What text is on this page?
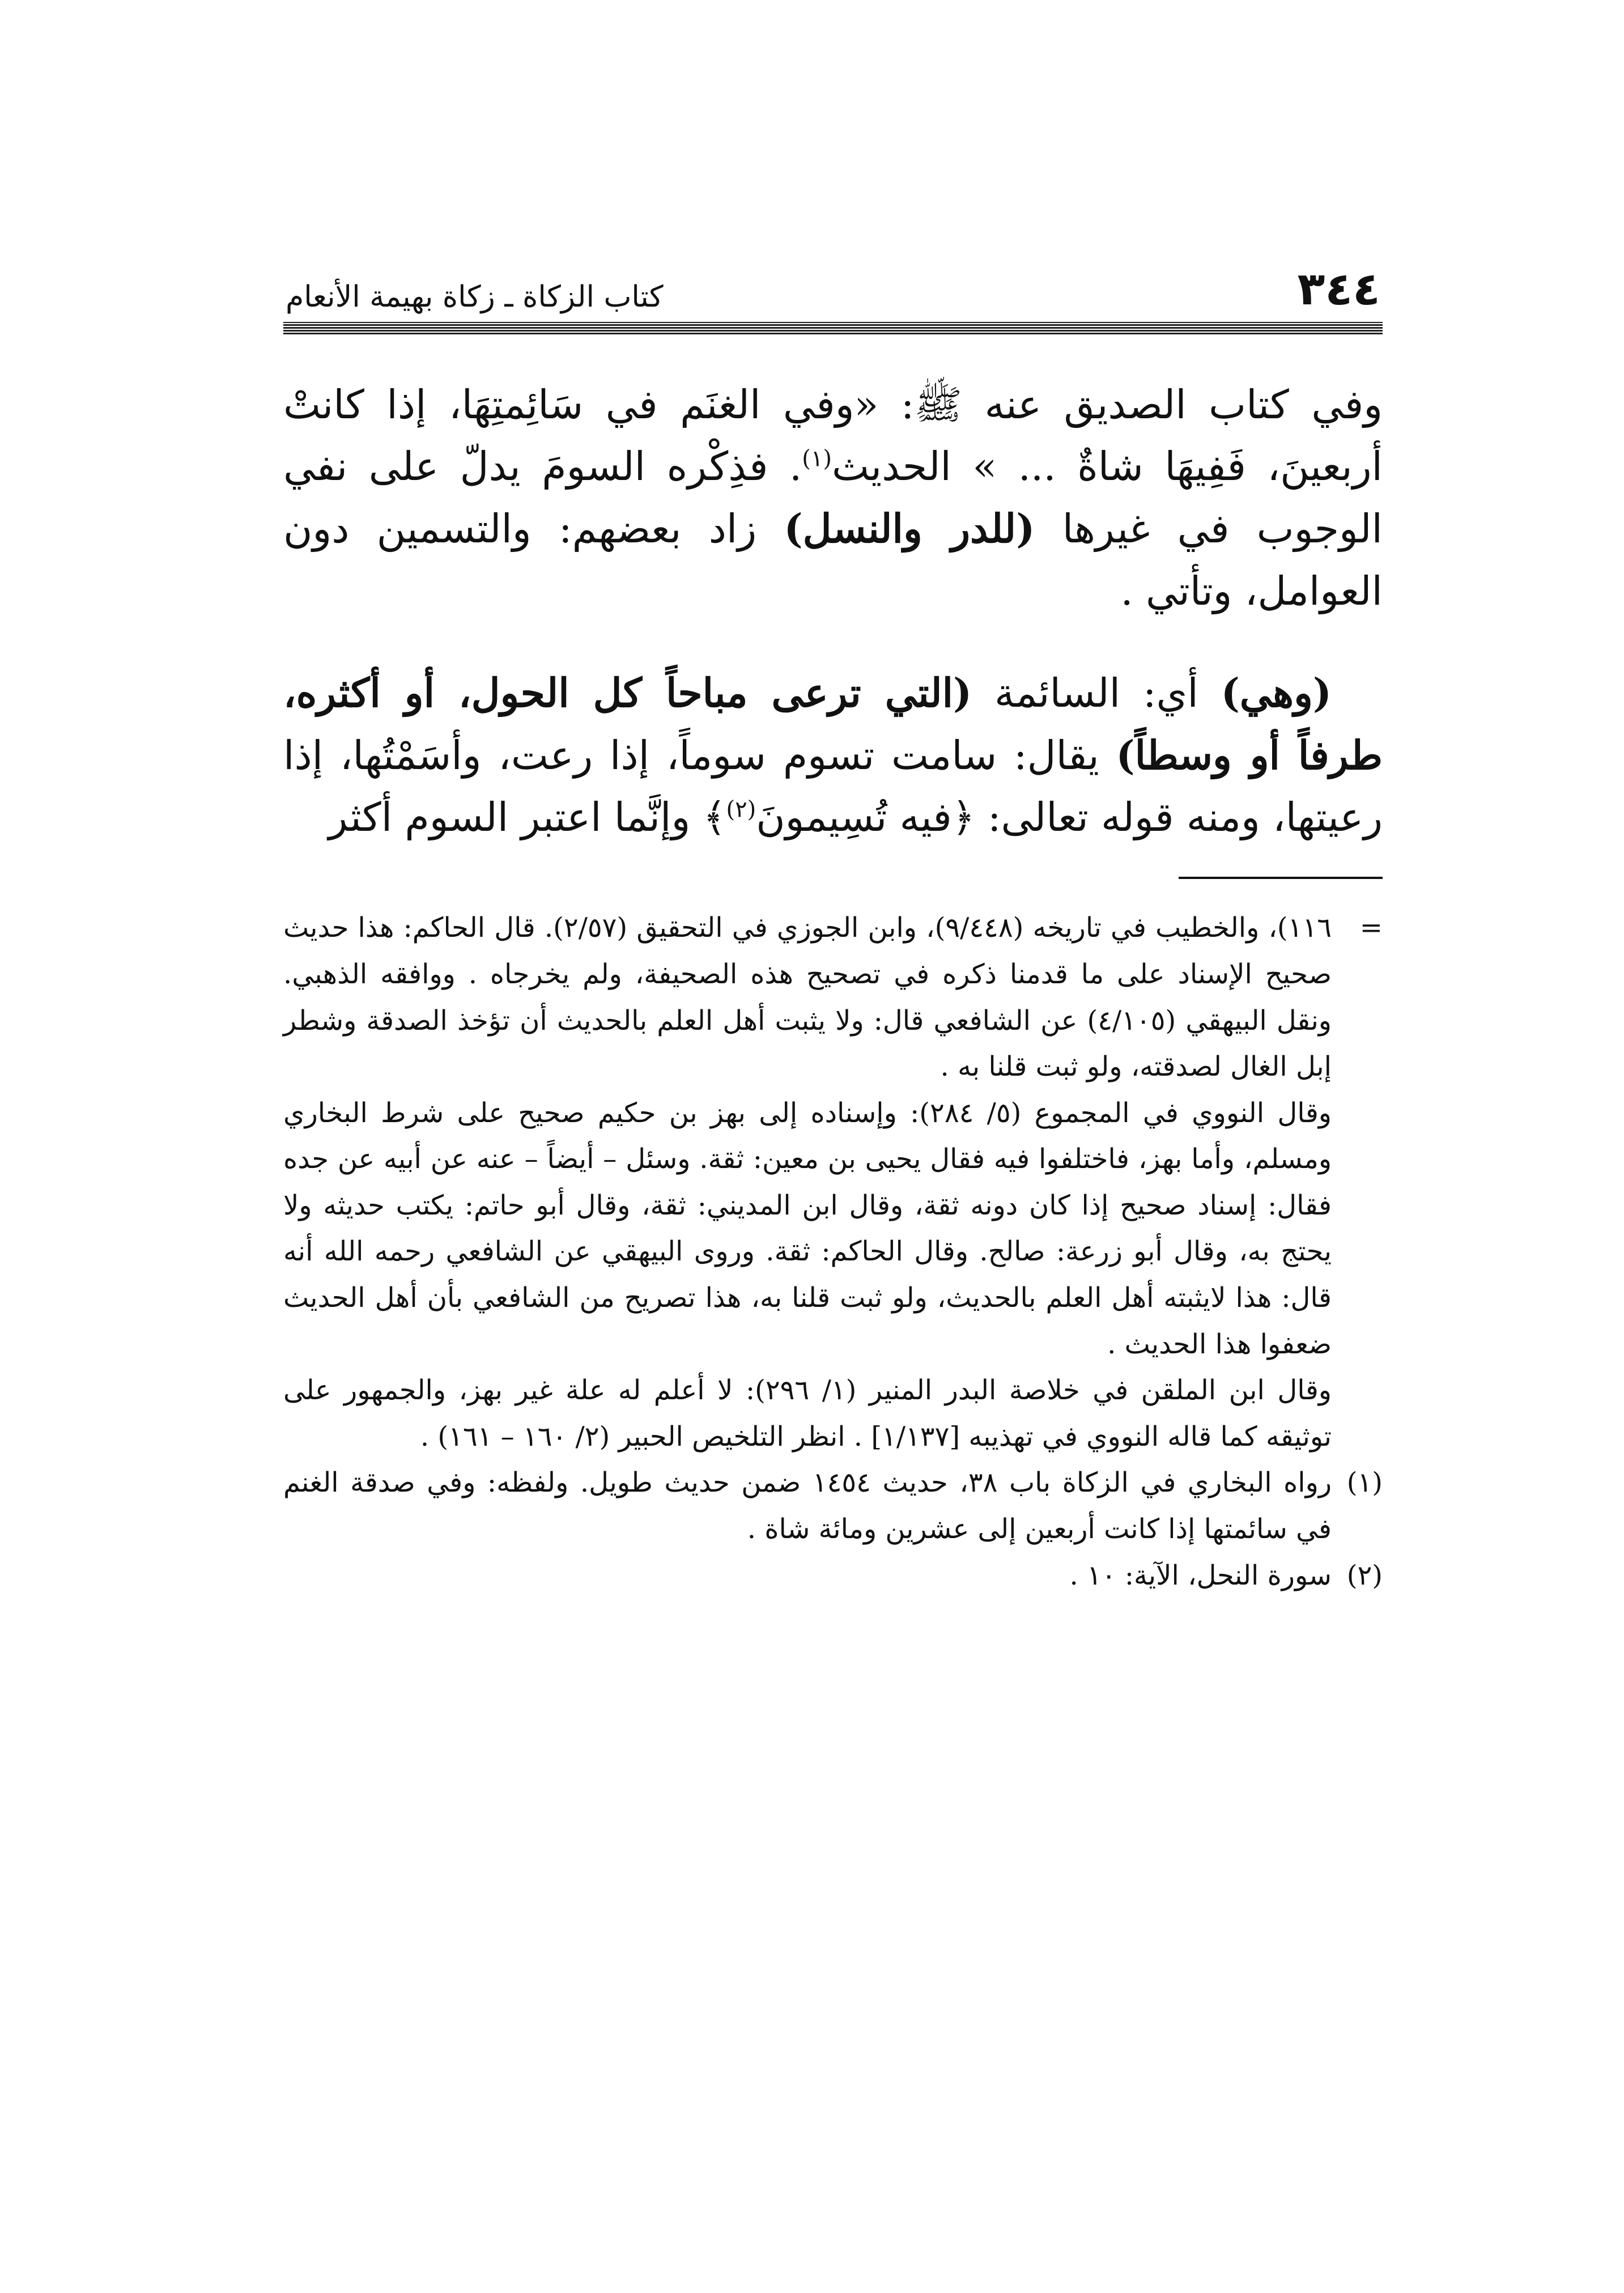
٣٤٤
كتاب الزكاة ـ زكاة بهيمة الأنعام

وفي كتاب الصديق عنه ﷺ: «وفي الغنَم في سَائِمتِهَا، إذا كانتْ أربعينَ، فَفِيهَا شاةٌ ... » الحديث$^{(١)}$. فذِكْره السومَ يدلّ على نفي الوجوب في غيرها (للدر والنسل) زاد بعضهم: والتسمين دون العوامل، وتأتي .

(وهي) أي: السائمة (التي ترعى مباحاً كل الحول، أو أكثره، طرفاً أو وسطاً) يقال: سامت تسوم سوماً، إذا رعت، وأسَمْتُها، إذا رعيتها، ومنه قوله تعالى: ﴿فيه تُسِيمونَ$^{(٢)}$﴾ وإنَّما اعتبر السوم أكثر

=

١١٦)، والخطيب في تاريخه (٩/٤٤٨)، وابن الجوزي في التحقيق (٢/٥٧). قال الحاكم: هذا حديث صحيح الإسناد على ما قدمنا ذكره في تصحيح هذه الصحيفة، ولم يخرجاه . ووافقه الذهبي. ونقل البيهقي (٤/١٠٥) عن الشافعي قال: ولا يثبت أهل العلم بالحديث أن تؤخذ الصدقة وشطر إبل الغال لصدقته، ولو ثبت قلنا به .

وقال النووي في المجموع (٥/ ٢٨٤): وإسناده إلى بهز بن حكيم صحيح على شرط البخاري ومسلم، وأما بهز، فاختلفوا فيه فقال يحيى بن معين: ثقة. وسئل – أيضاً – عنه عن أبيه عن جده فقال: إسناد صحيح إذا كان دونه ثقة، وقال ابن المديني: ثقة، وقال أبو حاتم: يكتب حديثه ولا يحتج به، وقال أبو زرعة: صالح. وقال الحاكم: ثقة. وروى البيهقي عن الشافعي رحمه الله أنه قال: هذا لايثبته أهل العلم بالحديث، ولو ثبت قلنا به، هذا تصريح من الشافعي بأن أهل الحديث ضعفوا هذا الحديث .

وقال ابن الملقن في خلاصة البدر المنير (١/ ٢٩٦): لا أعلم له علة غير بهز، والجمهور على توثيقه كما قاله النووي في تهذيبه [١/١٣٧] . انظر التلخيص الحبير (٢/ ١٦٠ – ١٦١) .

(١)
رواه البخاري في الزكاة باب ٣٨، حديث ١٤٥٤ ضمن حديث طويل. ولفظه: وفي صدقة الغنم في سائمتها إذا كانت أربعين إلى عشرين ومائة شاة .
(٢)
سورة النحل، الآية: ١٠ .
